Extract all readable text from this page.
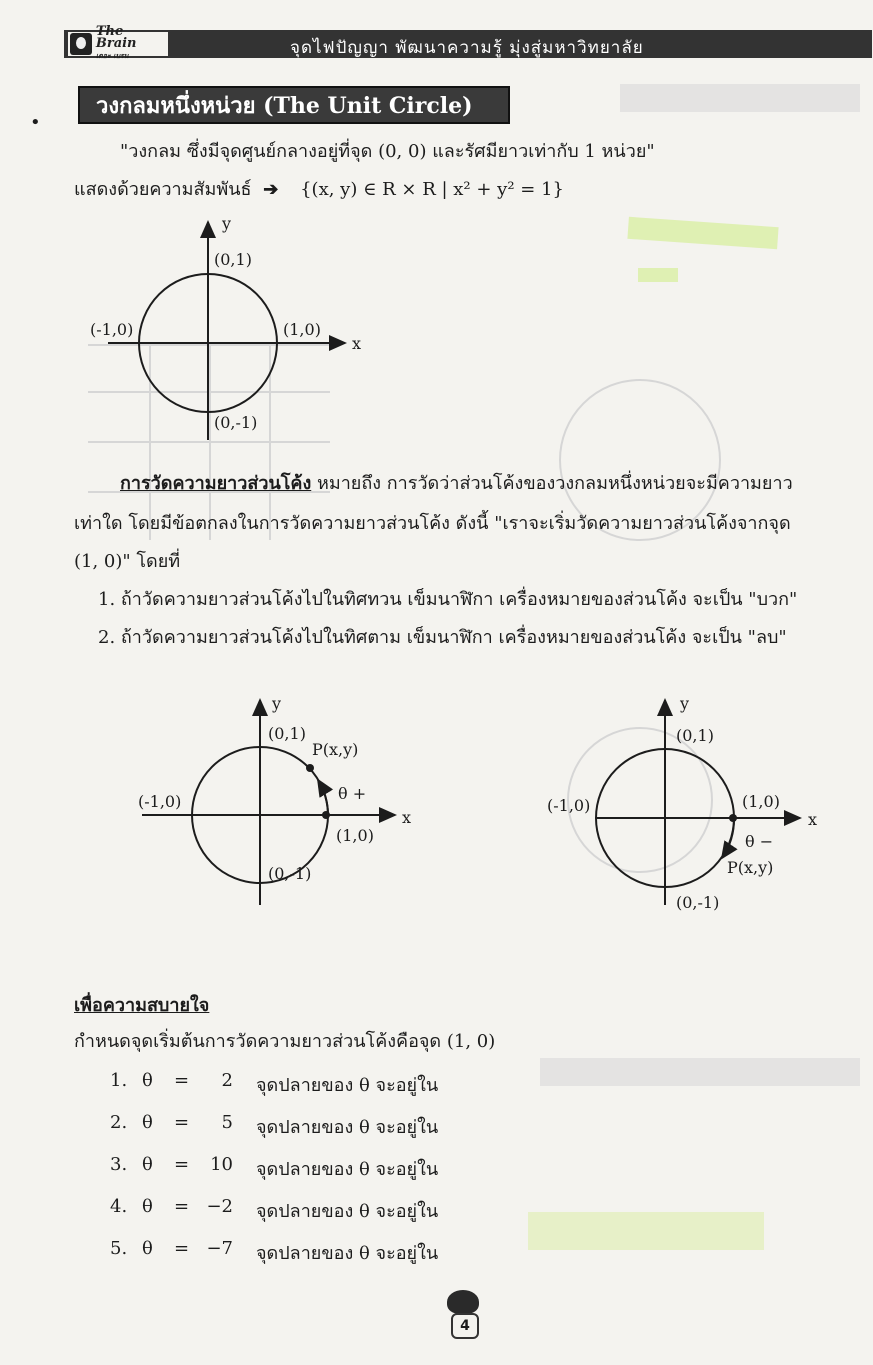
The Brain
เดอะ เบรน	จุดไฟปัญญา พัฒนาความรู้ มุ่งสู่มหาวิทยาลัย
•
วงกลมหนึ่งหน่วย (The Unit Circle)
"วงกลม ซึ่งมีจุดศูนย์กลางอยู่ที่จุด (0, 0) และรัศมียาวเท่ากับ 1 หน่วย"
แสดงด้วยความสัมพันธ์ ➔ {(x, y) ∈ R × R | x² + y² = 1}
y
x
(0,1)
(-1,0)	(1,0)
(0,-1)
การวัดความยาวส่วนโค้ง หมายถึง การวัดว่าส่วนโค้งของวงกลมหนึ่งหน่วยจะมีความยาว
เท่าใด โดยมีข้อตกลงในการวัดความยาวส่วนโค้ง ดังนี้ "เราจะเริ่มวัดความยาวส่วนโค้งจากจุด
(1, 0)" โดยที่
1. ถ้าวัดความยาวส่วนโค้งไปในทิศทวน เข็มนาฬิกา เครื่องหมายของส่วนโค้ง จะเป็น "บวก"
2. ถ้าวัดความยาวส่วนโค้งไปในทิศตาม เข็มนาฬิกา เครื่องหมายของส่วนโค้ง จะเป็น "ลบ"
y
x
(0,1)
P(x,y)
θ +
(-1,0)
(1,0)
(0,-1)
y
x
(0,1)
(-1,0)	(1,0)
θ −
P(x,y)
(0,-1)
เพื่อความสบายใจ
กำหนดจุดเริ่มต้นการวัดความยาวส่วนโค้งคือจุด (1, 0)
1. θ =	2 จุดปลายของ θ จะอยู่ใน
2. θ =	5 จุดปลายของ θ จะอยู่ใน
3. θ =	10 จุดปลายของ θ จะอยู่ใน
4. θ = −2 จุดปลายของ θ จะอยู่ใน
5. θ = −7 จุดปลายของ θ จะอยู่ใน
4
